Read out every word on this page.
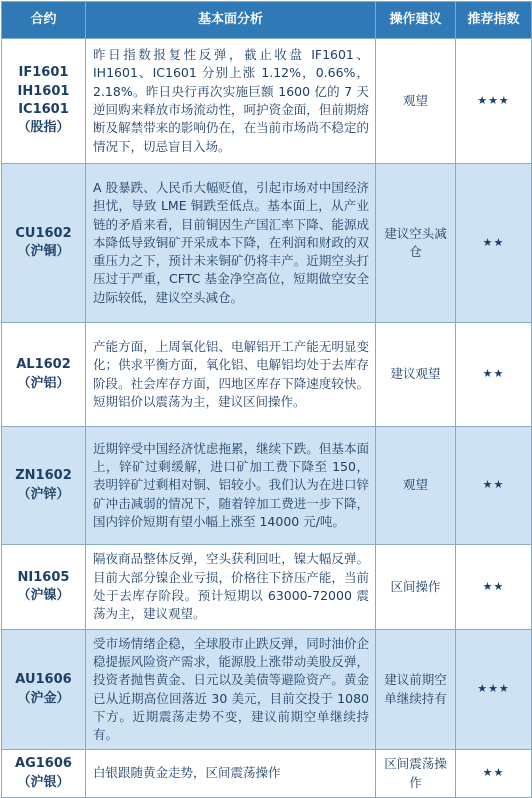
合约	基本面分析	操作建议	推荐指数

IF1601
IH1601
IC1601
（股指）	昨日指数报复性反弹，截止收盘 IF1601、IH1601、IC1601 分别上涨 1.12%，0.66%，2.18%。昨日央行再次实施巨额 1600 亿的 7 天逆回购来释放市场流动性，呵护资金面，但前期熔断及解禁带来的影响仍在，在当前市场尚不稳定的情况下，切忌盲目入场。	观望	★★★

CU1602
（沪铜）	A 股暴跌、人民币大幅贬值，引起市场对中国经济担忧，导致 LME 铜跌至低点。基本面上，从产业链的矛盾来看，目前铜因生产国汇率下降、能源成本降低导致铜矿开采成本下降，在利润和财政的双重压力之下，预计未来铜矿仍将丰产。近期空头打压过于严重，CFTC 基金净空高位，短期做空安全边际较低，建议空头减仓。	建议空头减仓	★★

AL1602
（沪铝）	产能方面，上周氧化铝、电解铝开工产能无明显变化；供求平衡方面，氧化铝、电解铝均处于去库存阶段。社会库存方面，四地区库存下降速度较快。短期铝价以震荡为主，建议区间操作。	建议观望	★★

ZN1602
（沪锌）	近期锌受中国经济忧虑拖累，继续下跌。但基本面上，锌矿过剩缓解，进口矿加工费下降至 150，表明锌矿过剩相对铜、铝较小。我们认为在进口锌矿冲击减弱的情况下，随着锌加工费进一步下降，国内锌价短期有望小幅上涨至 14000 元/吨。	观望	★★

NI1605
（沪镍）	隔夜商品整体反弹，空头获利回吐，镍大幅反弹。目前大部分镍企业亏损，价格往下挤压产能，当前处于去库存阶段。预计短期以 63000-72000 震荡为主，建议观望。	区间操作	★★

AU1606
（沪金）	受市场情绪企稳，全球股市止跌反弹，同时油价企稳提振风险资产需求，能源股上涨带动美股反弹，投资者抛售黄金、日元以及美债等避险资产。黄金已从近期高位回落近 30 美元，目前交投于 1080 下方。近期震荡走势不变，建议前期空单继续持有。	建议前期空单继续持有	★★★

AG1606
（沪银）	白银跟随黄金走势，区间震荡操作	区间震荡操作	★★
